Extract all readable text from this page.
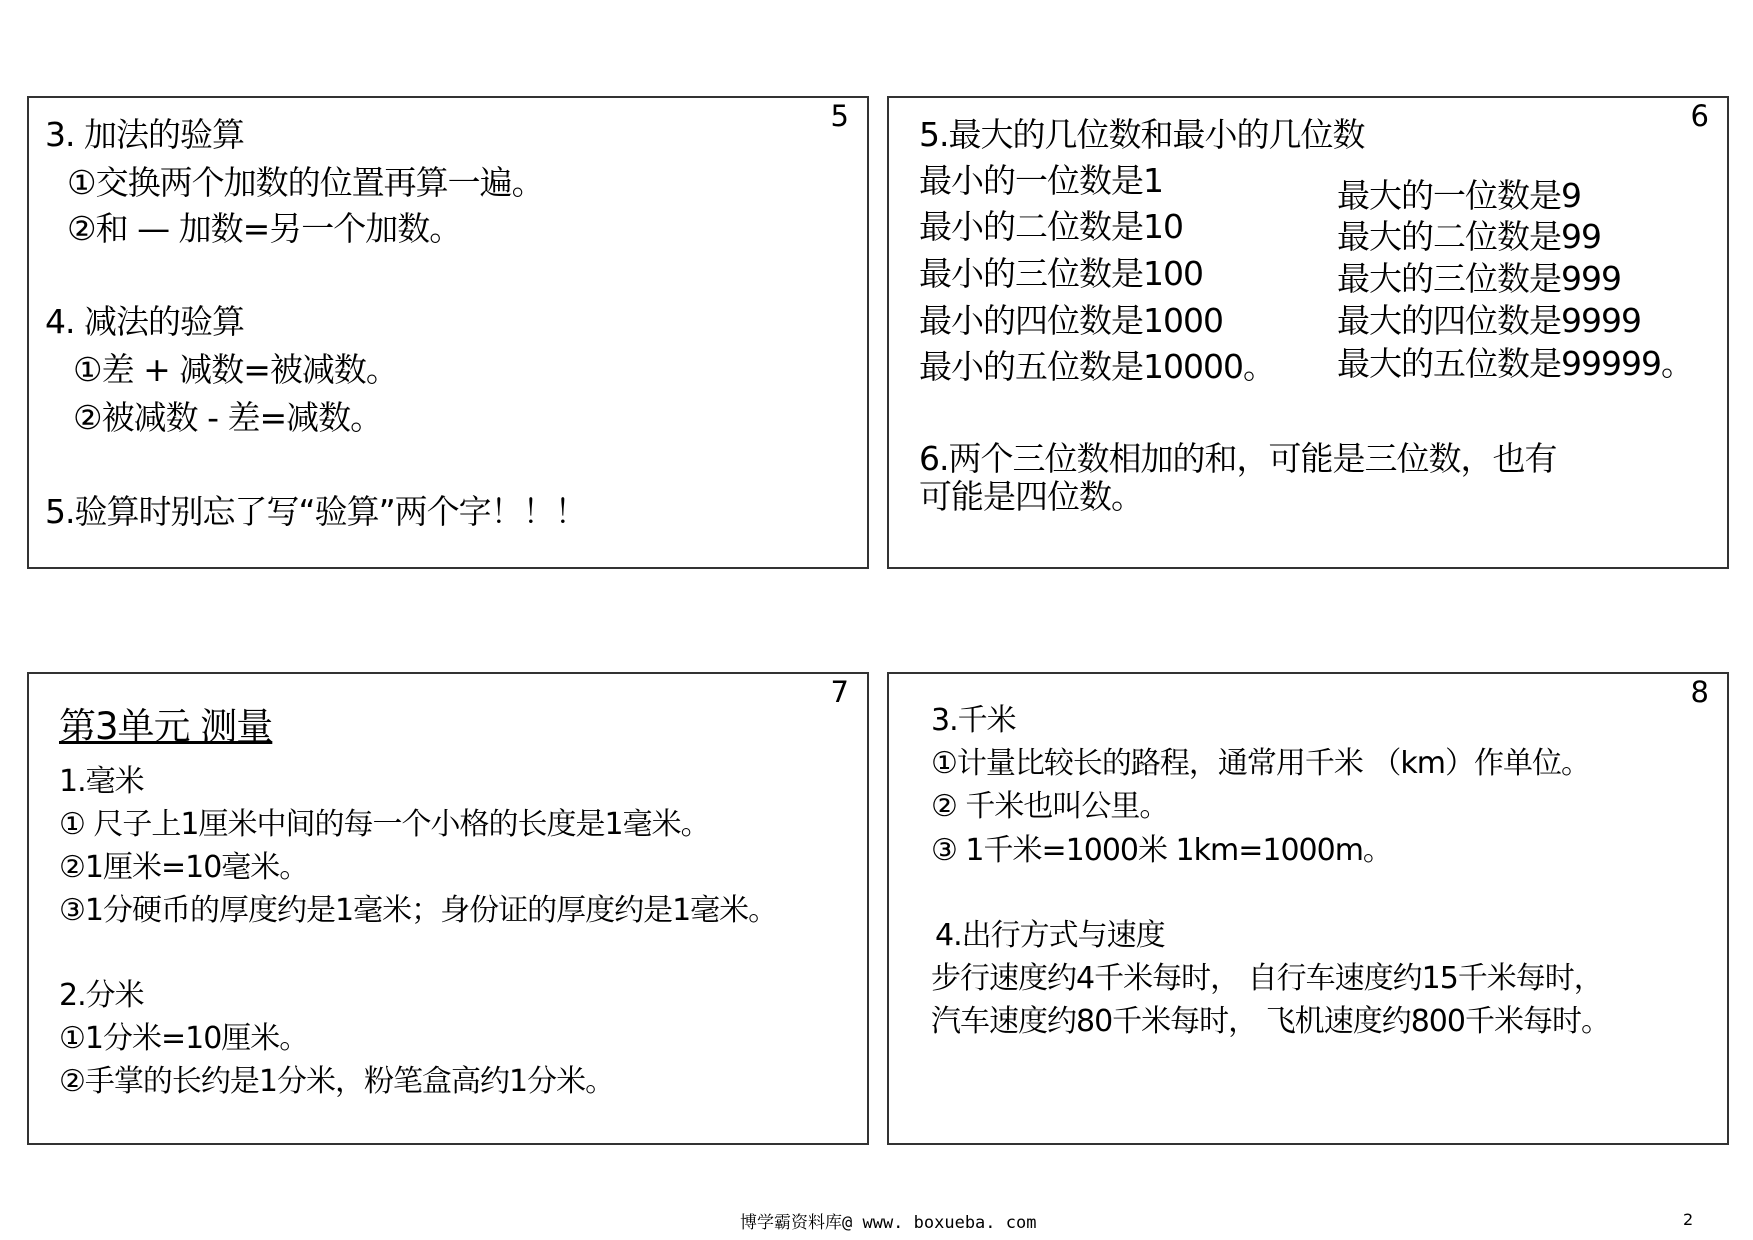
5
3. 加法的验算
①交换两个加数的位置再算一遍。
②和 — 加数=另一个加数。
4. 减法的验算
①差 + 减数=被减数。
②被减数 - 差=减数。
5.验算时别忘了写“验算”两个字！！！
6
5.最大的几位数和最小的几位数
最小的一位数是1
最小的二位数是10
最小的三位数是100
最小的四位数是1000
最小的五位数是10000。
最大的一位数是9
最大的二位数是99
最大的三位数是999
最大的四位数是9999
最大的五位数是99999。
6.两个三位数相加的和，可能是三位数，也有
可能是四位数。
7
第3单元 测量
1.毫米
① 尺子上1厘米中间的每一个小格的长度是1毫米。
②1厘米=10毫米。
③1分硬币的厚度约是1毫米；身份证的厚度约是1毫米。
2.分米
①1分米=10厘米。
②手掌的长约是1分米，粉笔盒高约1分米。
8
3.千米
①计量比较长的路程，通常用千米 （km）作单位。
② 千米也叫公里。
③ 1千米=1000米 1km=1000m。
4.出行方式与速度
步行速度约4千米每时， 自行车速度约15千米每时，
汽车速度约80千米每时， 飞机速度约800千米每时。
博学霸资料库@ www. boxueba. com	2
